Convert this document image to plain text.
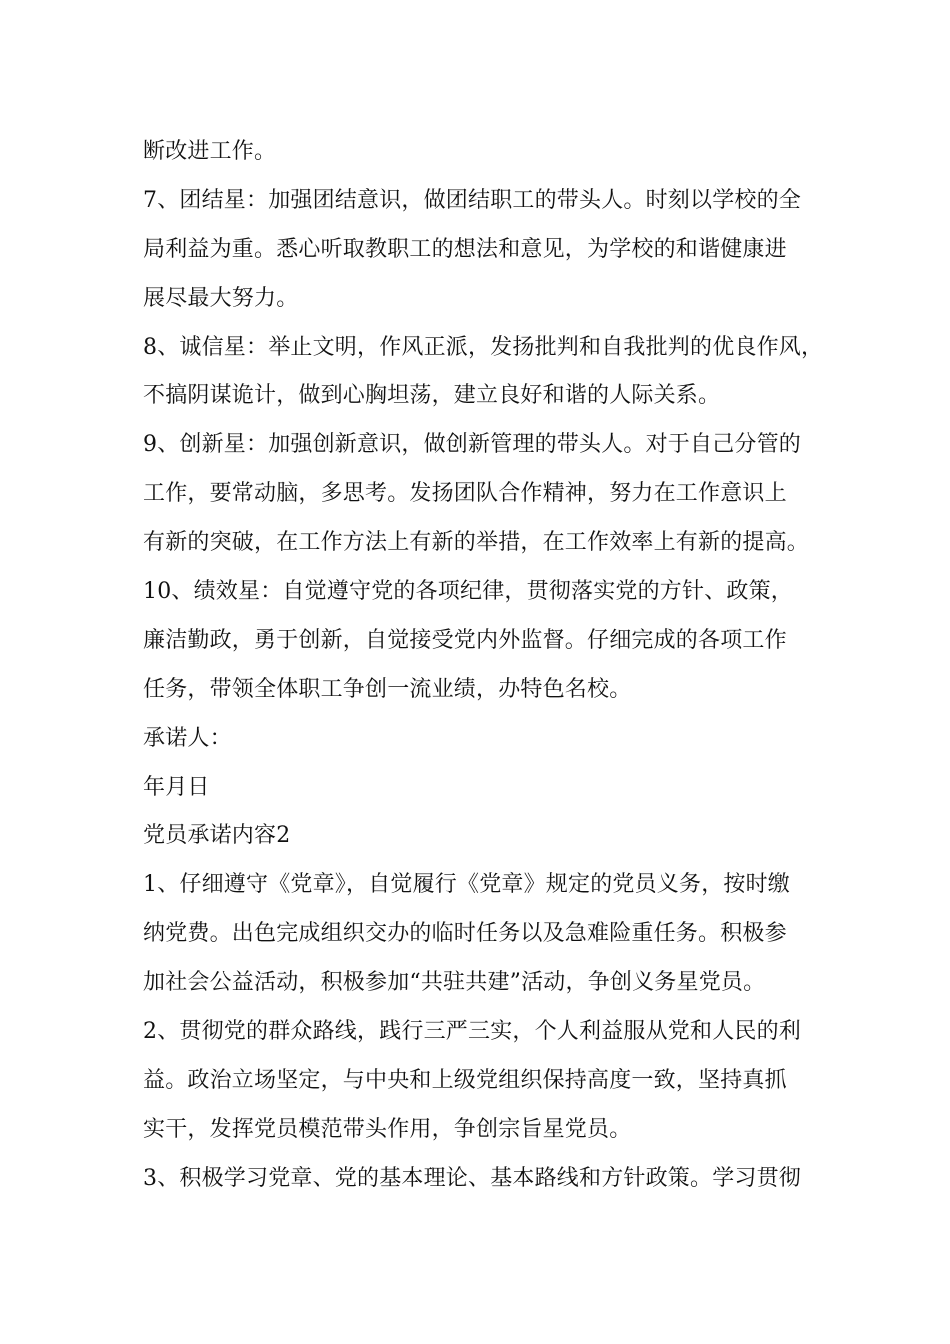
断改进工作。

7、团结星：加强团结意识，做团结职工的带头人。时刻以学校的全

局利益为重。悉心听取教职工的想法和意见，为学校的和谐健康进

展尽最大努力。

8、诚信星：举止文明，作风正派，发扬批判和自我批判的优良作风，

不搞阴谋诡计，做到心胸坦荡，建立良好和谐的人际关系。

9、创新星：加强创新意识，做创新管理的带头人。对于自己分管的

工作，要常动脑，多思考。发扬团队合作精神，努力在工作意识上

有新的突破，在工作方法上有新的举措，在工作效率上有新的提高。

10、绩效星：自觉遵守党的各项纪律，贯彻落实党的方针、政策，

廉洁勤政，勇于创新，自觉接受党内外监督。仔细完成的各项工作

任务，带领全体职工争创一流业绩，办特色名校。

承诺人：

年月日

党员承诺内容2

1、仔细遵守《党章》，自觉履行《党章》规定的党员义务，按时缴

纳党费。出色完成组织交办的临时任务以及急难险重任务。积极参

加社会公益活动，积极参加“共驻共建”活动，争创义务星党员。

2、贯彻党的群众路线，践行三严三实，个人利益服从党和人民的利

益。政治立场坚定，与中央和上级党组织保持高度一致，坚持真抓

实干，发挥党员模范带头作用，争创宗旨星党员。

3、积极学习党章、党的基本理论、基本路线和方针政策。学习贯彻
